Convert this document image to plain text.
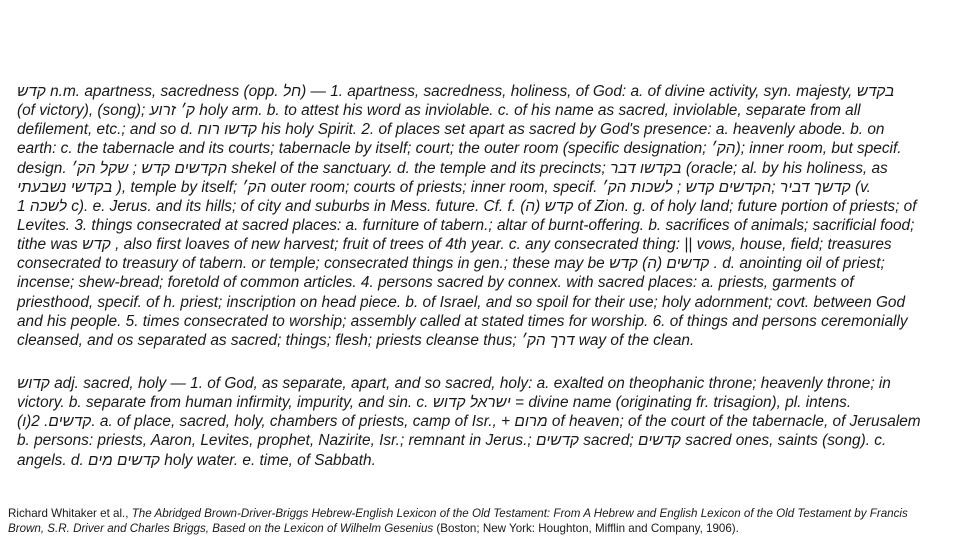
קדש n.m. apartness, sacredness (opp. חל) — 1. apartness, sacredness, holiness, of God: a. of divine activity, syn. majesty, בקדש
(of victory), (song); ק׳ זרוע holy arm. b. to attest his word as inviolable. c. of his name as sacred, inviolable, separate from all
defilement, etc.; and so d. קדשו רוח his holy Spirit. 2. of places set apart as sacred by God's presence: a. heavenly abode. b. on
earth: c. the tabernacle and its courts; tabernacle by itself; court; the outer room (specific designation; הק׳); inner room, but specif.
design. הקדשים קדש ; שקל הק׳ shekel of the sanctuary. d. the temple and its precincts; בקדשו דבר (oracle; al. by his holiness, as
בקדשי נשבעתי ), temple by itself; הק׳ outer room; courts of priests; inner room, specif. קדשך דביר ;הקדשים קדש ; לשכות הק׳ (v.
לשכה 1 c). e. Jerus. and its hills; of city and suburbs in Mess. future. Cf. f. קדש (ה) of Zion. g. of holy land; future portion of priests; of
Levites. 3. things consecrated at sacred places: a. furniture of tabern.; altar of burnt-offering. b. sacrifices of animals; sacrificial food;
tithe was קדש , also first loaves of new harvest; fruit of trees of 4th year. c. any consecrated thing: || vows, house, field; treasures
consecrated to treasury of tabern. or temple; consecrated things in gen.; these may be קדשים (ה) קדש . d. anointing oil of priest;
incense; shew-bread; foretold of common articles. 4. persons sacred by connex. with sacred places: a. priests, garments of
priesthood, specif. of h. priest; inscription on head piece. b. of Israel, and so spoil for their use; holy adornment; covt. between God
and his people. 5. times consecrated to worship; assembly called at stated times for worship. 6. of things and persons ceremonially
cleansed, and os separated as sacred; things; flesh; priests cleanse thus; דרך הק׳ way of the clean.
קדוש adj. sacred, holy — 1. of God, as separate, apart, and so sacred, holy: a. exalted on theophanic throne; heavenly throne; in
victory. b. separate from human infirmity, impurity, and sin. c. ישראל קדוש = divine name (originating fr. trisagion), pl. intens.
(ו)קדשים. 2. a. of place, sacred, holy, chambers of priests, camp of Isr., + מרום of heaven; of the court of the tabernacle, of Jerusalem
b. persons: priests, Aaron, Levites, prophet, Nazirite, Isr.; remnant in Jerus.; קדשים sacred; קדשים sacred ones, saints (song). c.
angels. d. קדשים מים holy water. e. time, of Sabbath.
Richard Whitaker et al., The Abridged Brown-Driver-Briggs Hebrew-English Lexicon of the Old Testament: From A Hebrew and English Lexicon of the Old Testament by Francis
Brown, S.R. Driver and Charles Briggs, Based on the Lexicon of Wilhelm Gesenius (Boston; New York: Houghton, Mifflin and Company, 1906).
